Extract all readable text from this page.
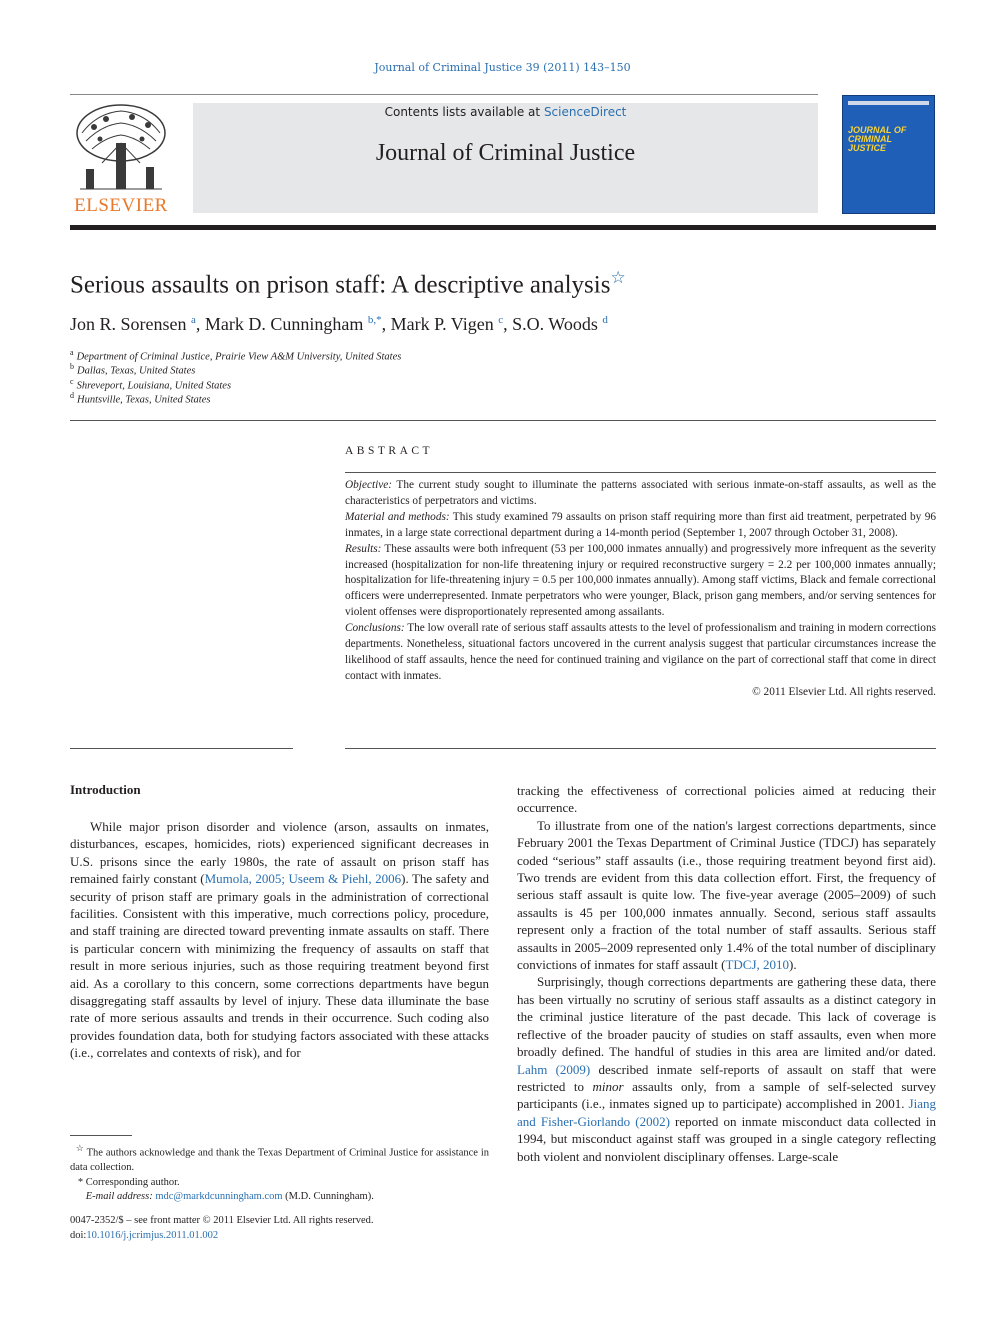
Journal of Criminal Justice 39 (2011) 143–150
ELSEVIER
Contents lists available at ScienceDirect
Journal of Criminal Justice
JOURNAL OF CRIMINAL JUSTICE
Serious assaults on prison staff: A descriptive analysis☆
Jon R. Sorensen $^a$, Mark D. Cunningham $^{b,*}$, Mark P. Vigen $^c$, S.O. Woods $^d$
$^a$ Department of Criminal Justice, Prairie View A&M University, United States
$^b$ Dallas, Texas, United States
$^c$ Shreveport, Louisiana, United States
$^d$ Huntsville, Texas, United States
ABSTRACT

Objective: The current study sought to illuminate the patterns associated with serious inmate-on-staff assaults, as well as the characteristics of perpetrators and victims.

Material and methods: This study examined 79 assaults on prison staff requiring more than first aid treatment, perpetrated by 96 inmates, in a large state correctional department during a 14-month period (September 1, 2007 through October 31, 2008).

Results: These assaults were both infrequent (53 per 100,000 inmates annually) and progressively more infrequent as the severity increased (hospitalization for non-life threatening injury or required reconstructive surgery = 2.2 per 100,000 inmates annually; hospitalization for life-threatening injury = 0.5 per 100,000 inmates annually). Among staff victims, Black and female correctional officers were underrepresented. Inmate perpetrators who were younger, Black, prison gang members, and/or serving sentences for violent offenses were disproportionately represented among assailants.

Conclusions: The low overall rate of serious staff assaults attests to the level of professionalism and training in modern corrections departments. Nonetheless, situational factors uncovered in the current analysis suggest that particular circumstances increase the likelihood of staff assaults, hence the need for continued training and vigilance on the part of correctional staff that come in direct contact with inmates.

© 2011 Elsevier Ltd. All rights reserved.

Introduction

While major prison disorder and violence (arson, assaults on inmates, disturbances, escapes, homicides, riots) experienced significant decreases in U.S. prisons since the early 1980s, the rate of assault on prison staff has remained fairly constant (Mumola, 2005; Useem & Piehl, 2006). The safety and security of prison staff are primary goals in the administration of correctional facilities. Consistent with this imperative, much corrections policy, procedure, and staff training are directed toward preventing inmate assaults on staff. There is particular concern with minimizing the frequency of assaults on staff that result in more serious injuries, such as those requiring treatment beyond first aid. As a corollary to this concern, some corrections departments have begun disaggregating staff assaults by level of injury. These data illuminate the base rate of more serious assaults and trends in their occurrence. Such coding also provides foundation data, both for studying factors associated with these attacks (i.e., correlates and contexts of risk), and for

tracking the effectiveness of correctional policies aimed at reducing their occurrence.

To illustrate from one of the nation's largest corrections departments, since February 2001 the Texas Department of Criminal Justice (TDCJ) has separately coded “serious” staff assaults (i.e., those requiring treatment beyond first aid). Two trends are evident from this data collection effort. First, the frequency of serious staff assault is quite low. The five-year average (2005–2009) of such assaults is 45 per 100,000 inmates annually. Second, serious staff assaults represent only a fraction of the total number of staff assaults. Serious staff assaults in 2005–2009 represented only 1.4% of the total number of disciplinary convictions of inmates for staff assault (TDCJ, 2010).

Surprisingly, though corrections departments are gathering these data, there has been virtually no scrutiny of serious staff assaults as a distinct category in the criminal justice literature of the past decade. This lack of coverage is reflective of the broader paucity of studies on staff assaults, even when more broadly defined. The handful of studies in this area are limited and/or dated. Lahm (2009) described inmate self-reports of assault on staff that were restricted to minor assaults only, from a sample of self-selected survey participants (i.e., inmates signed up to participate) accomplished in 2001. Jiang and Fisher-Giorlando (2002) reported on inmate misconduct data collected in 1994, but misconduct against staff was grouped in a single category reflecting both violent and nonviolent disciplinary offenses. Large-scale

☆ The authors acknowledge and thank the Texas Department of Criminal Justice for assistance in data collection.

* Corresponding author.

E-mail address: mdc@markdcunningham.com (M.D. Cunningham).

0047-2352/$ – see front matter © 2011 Elsevier Ltd. All rights reserved.
doi:10.1016/j.jcrimjus.2011.01.002
